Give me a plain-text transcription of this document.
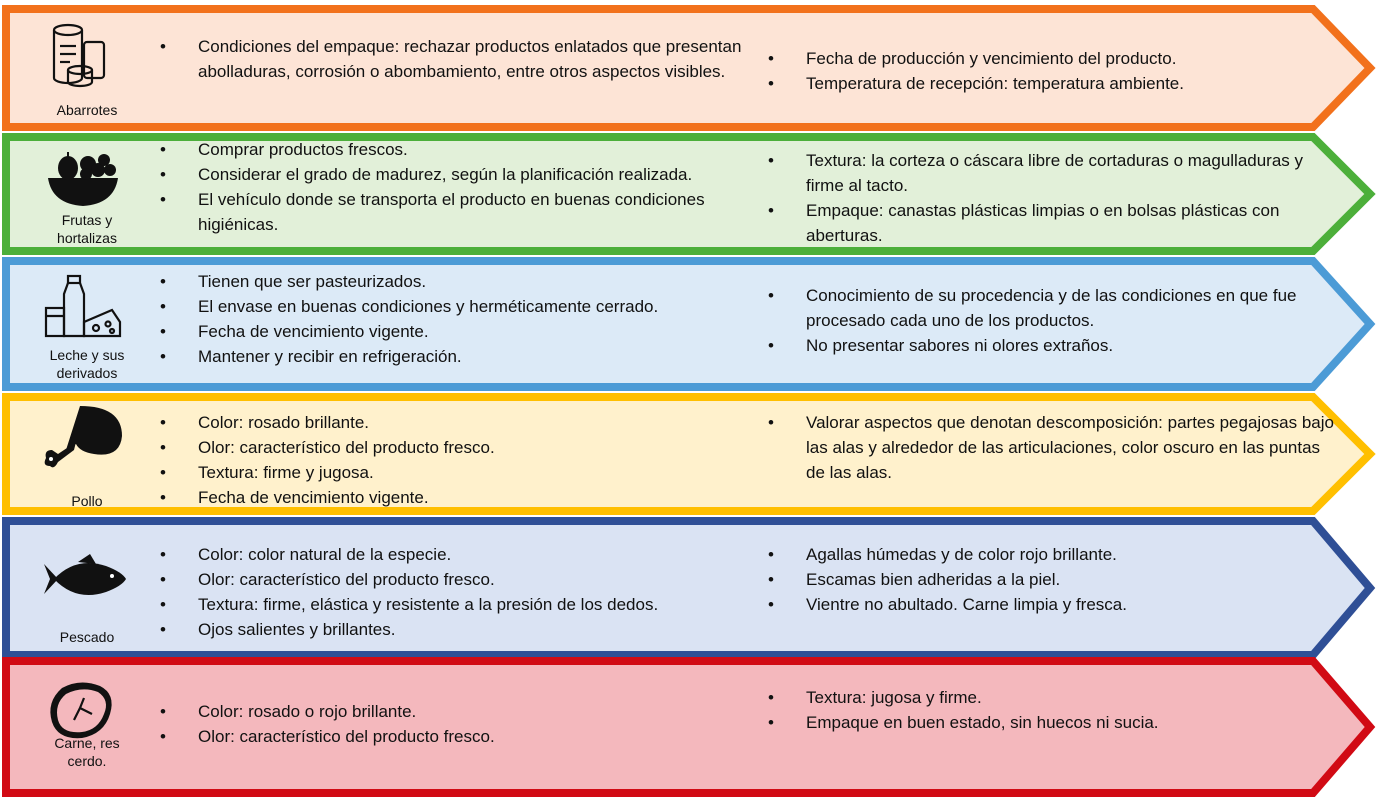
Abarrotes
• Condiciones del empaque: rechazar productos enlatados que presentan abolladuras, corrosión o abombamiento, entre otros aspectos visibles.
• Fecha de producción y vencimiento del producto.
• Temperatura de recepción: temperatura ambiente.
Frutas y
hortalizas
• Comprar productos frescos.
• Considerar el grado de madurez, según la planificación realizada.
• El vehículo donde se transporta el producto en buenas condiciones higiénicas.
• Textura: la corteza o cáscara libre de cortaduras o magulladuras y firme al tacto.
• Empaque: canastas plásticas limpias o en bolsas plásticas con aberturas.
Leche y sus
derivados
• Tienen que ser pasteurizados.
• El envase en buenas condiciones y herméticamente cerrado.
• Fecha de vencimiento vigente.
• Mantener y recibir en refrigeración.
• Conocimiento de su procedencia y de las condiciones en que fue procesado cada uno de los productos.
• No presentar sabores ni olores extraños.
Pollo
• Color: rosado brillante.
• Olor: característico del producto fresco.
• Textura: firme y jugosa.
• Fecha de vencimiento vigente.
• Valorar aspectos que denotan descomposición: partes pegajosas bajo las alas y alrededor de las articulaciones, color oscuro en las puntas de las alas.
Pescado
• Color: color natural de la especie.
• Olor: característico del producto fresco.
• Textura: firme, elástica y resistente a la presión de los dedos.
• Ojos salientes y brillantes.
• Agallas húmedas y de color rojo brillante.
• Escamas bien adheridas a la piel.
• Vientre no abultado. Carne limpia y fresca.
Carne, res
cerdo.
• Color: rosado o rojo brillante.
• Olor: característico del producto fresco.
• Textura: jugosa y firme.
• Empaque en buen estado, sin huecos ni sucia.
